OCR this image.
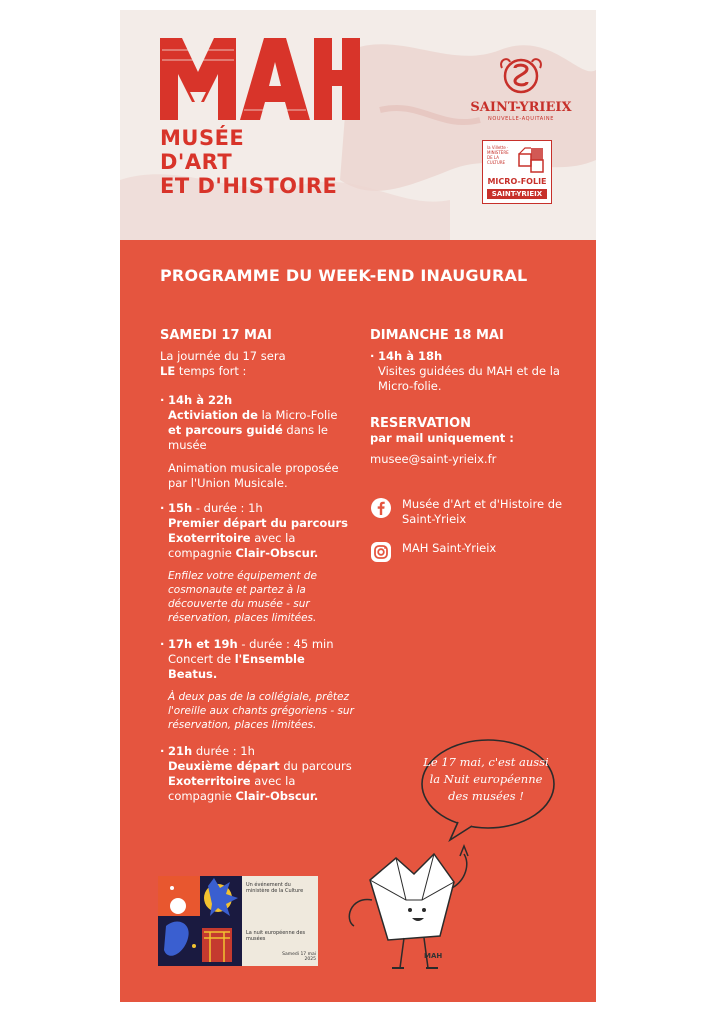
MUSÉE
D'ART
ET D'HISTOIRE
SAINT-YRIEIX
NOUVELLE-AQUITAINE
la Villette · MINISTÈRE DE LA CULTURE
MICRO-FOLIE
SAINT-YRIEIX
PROGRAMME DU WEEK-END INAUGURAL

SAMEDI 17 MAI

La journée du 17 sera
LE temps fort :

· 14h à 22h
Activiation de la Micro-Folie
et parcours guidé dans le musée

Animation musicale proposée par l'Union Musicale.

· 15h - durée : 1h
Premier départ du parcours Exoterritoire avec la compagnie Clair-Obscur.

Enfilez votre équipement de cosmonaute et partez à la découverte du musée - sur réservation, places limitées.

· 17h et 19h - durée : 45 min
Concert de l'Ensemble Beatus.

À deux pas de la collégiale, prêtez l'oreille aux chants grégoriens - sur réservation, places limitées.

· 21h durée : 1h
Deuxième départ du parcours Exoterritoire avec la compagnie Clair-Obscur.

DIMANCHE 18 MAI

· 14h à 18h
Visites guidées du MAH et de la Micro-folie.

RESERVATION

par mail uniquement :

musee@saint-yrieix.fr

Musée d'Art et d'Histoire de Saint-Yrieix
MAH Saint-Yrieix
Le 17 mai, c'est aussi la Nuit européenne des musées !
MAH
Un événement du ministère de la Culture
La nuit européenne des musées
Samedi 17 mai 2025
